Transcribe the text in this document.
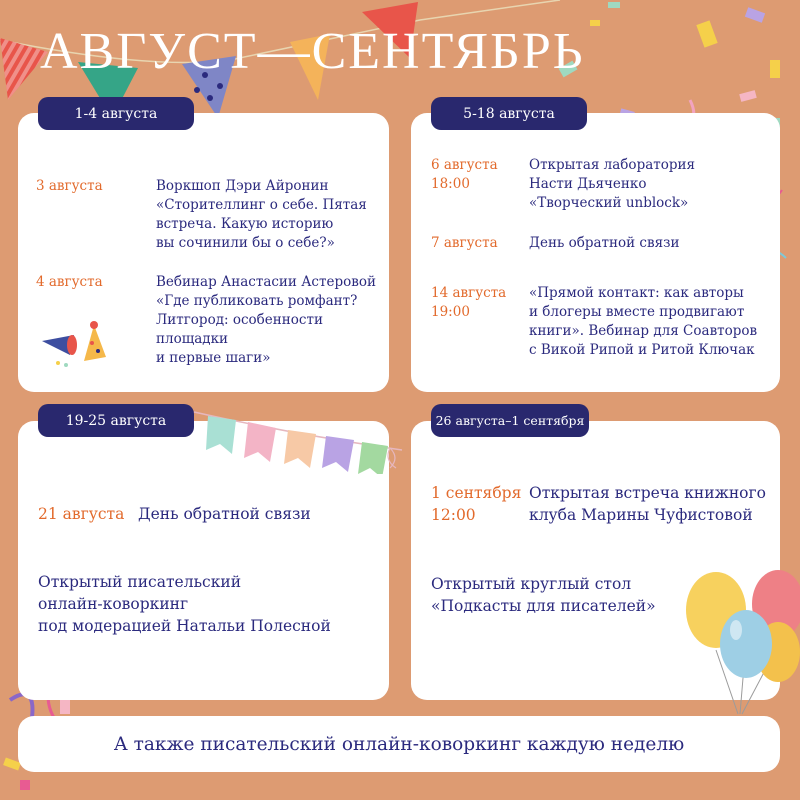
АВГУСТ—СЕНТЯБРЬ
3 августа	Воркшоп Дэри Айронин
«Сторителлинг о себе. Пятая
встреча. Какую историю
вы сочинили бы о себе?»
4 августа	Вебинар Анастасии Астеровой
«Где публиковать ромфант?
Литгород: особенности площадки
и первые шаги»
1-4 августа
6 августа
18:00
Открытая лаборатория
Насти Дьяченко
«Творческий unblock»
7 августа День обратной связи
14 августа
19:00
«Прямой контакт: как авторы
и блогеры вместе продвигают
книги». Вебинар для Соавторов
с Викой Рипой и Ритой Ключак
5-18 августа
21 августа День обратной связи
Открытый писательский
онлайн-коворкинг
под модерацией Натальи Полесной
19-25 августа
1 сентября
12:00
Открытая встреча книжного
клуба Марины Чуфистовой
Открытый круглый стол
«Подкасты для писателей»
26 августа–1 сентября
А также писательский онлайн-коворкинг каждую неделю
